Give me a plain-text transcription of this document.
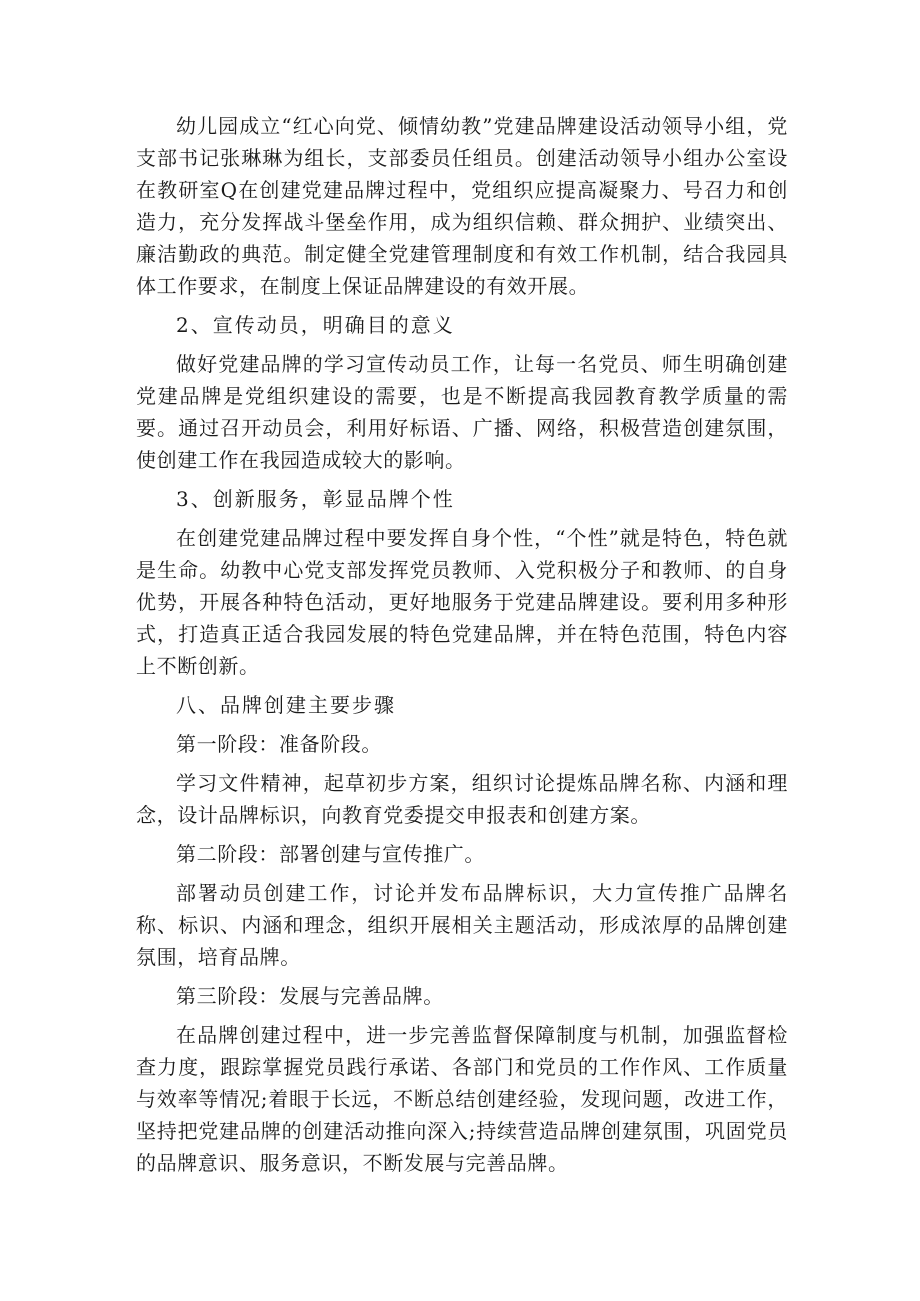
幼儿园成立“红心向党、倾情幼教”党建品牌建设活动领导小组，党支部书记张琳琳为组长，支部委员任组员。创建活动领导小组办公室设在教研室Q在创建党建品牌过程中，党组织应提高凝聚力、号召力和创造力，充分发挥战斗堡垒作用，成为组织信赖、群众拥护、业绩突出、廉洁勤政的典范。制定健全党建管理制度和有效工作机制，结合我园具体工作要求，在制度上保证品牌建设的有效开展。

2、宣传动员，明确目的意义

做好党建品牌的学习宣传动员工作，让每一名党员、师生明确创建党建品牌是党组织建设的需要，也是不断提高我园教育教学质量的需要。通过召开动员会，利用好标语、广播、网络，积极营造创建氛围，使创建工作在我园造成较大的影响。

3、创新服务，彰显品牌个性

在创建党建品牌过程中要发挥自身个性，“个性”就是特色，特色就是生命。幼教中心党支部发挥党员教师、入党积极分子和教师、的自身优势，开展各种特色活动，更好地服务于党建品牌建设。要利用多种形式，打造真正适合我园发展的特色党建品牌，并在特色范围，特色内容上不断创新。

八、品牌创建主要步骤

第一阶段：准备阶段。

学习文件精神，起草初步方案，组织讨论提炼品牌名称、内涵和理念，设计品牌标识，向教育党委提交申报表和创建方案。

第二阶段：部署创建与宣传推广。

部署动员创建工作，讨论并发布品牌标识，大力宣传推广品牌名称、标识、内涵和理念，组织开展相关主题活动，形成浓厚的品牌创建氛围，培育品牌。

第三阶段：发展与完善品牌。

在品牌创建过程中，进一步完善监督保障制度与机制，加强监督检查力度，跟踪掌握党员践行承诺、各部门和党员的工作作风、工作质量与效率等情况;着眼于长远，不断总结创建经验，发现问题，改进工作，坚持把党建品牌的创建活动推向深入;持续营造品牌创建氛围，巩固党员的品牌意识、服务意识，不断发展与完善品牌。
